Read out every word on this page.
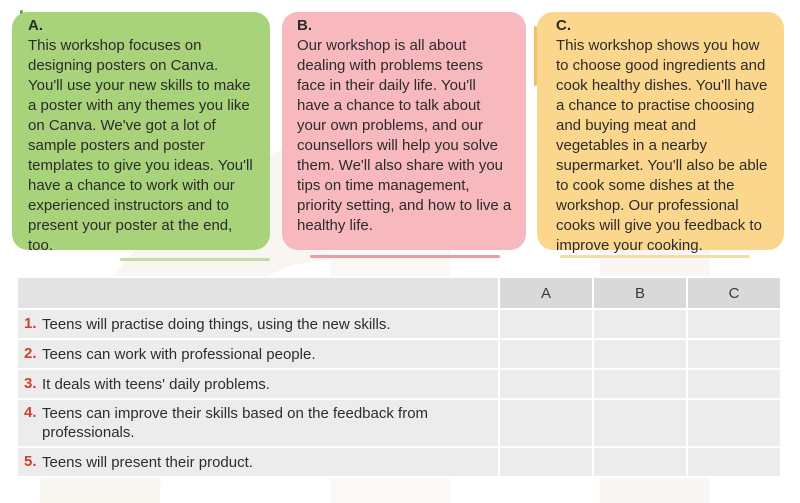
A.
This workshop focuses on designing posters on Canva. You'll use your new skills to make a poster with any themes you like on Canva. We've got a lot of sample posters and poster templates to give you ideas. You'll have a chance to work with our experienced instructors and to present your poster at the end, too.
B.
Our workshop is all about dealing with problems teens face in their daily life. You'll have a chance to talk about your own problems, and our counsellors will help you solve them. We'll also share with you tips on time management, priority setting, and how to live a healthy life.
C.
This workshop shows you how to choose good ingredients and cook healthy dishes. You'll have a chance to practise choosing and buying meat and vegetables in a nearby supermarket. You'll also be able to cook some dishes at the workshop. Our professional cooks will give you feedback to improve your cooking.
	A	B	C

1. Teens will practise doing things, using the new skills.			

2. Teens can work with professional people.			

3. It deals with teens' daily problems.			

4. Teens can improve their skills based on the feedback from professionals.			

5. Teens will present their product.			
